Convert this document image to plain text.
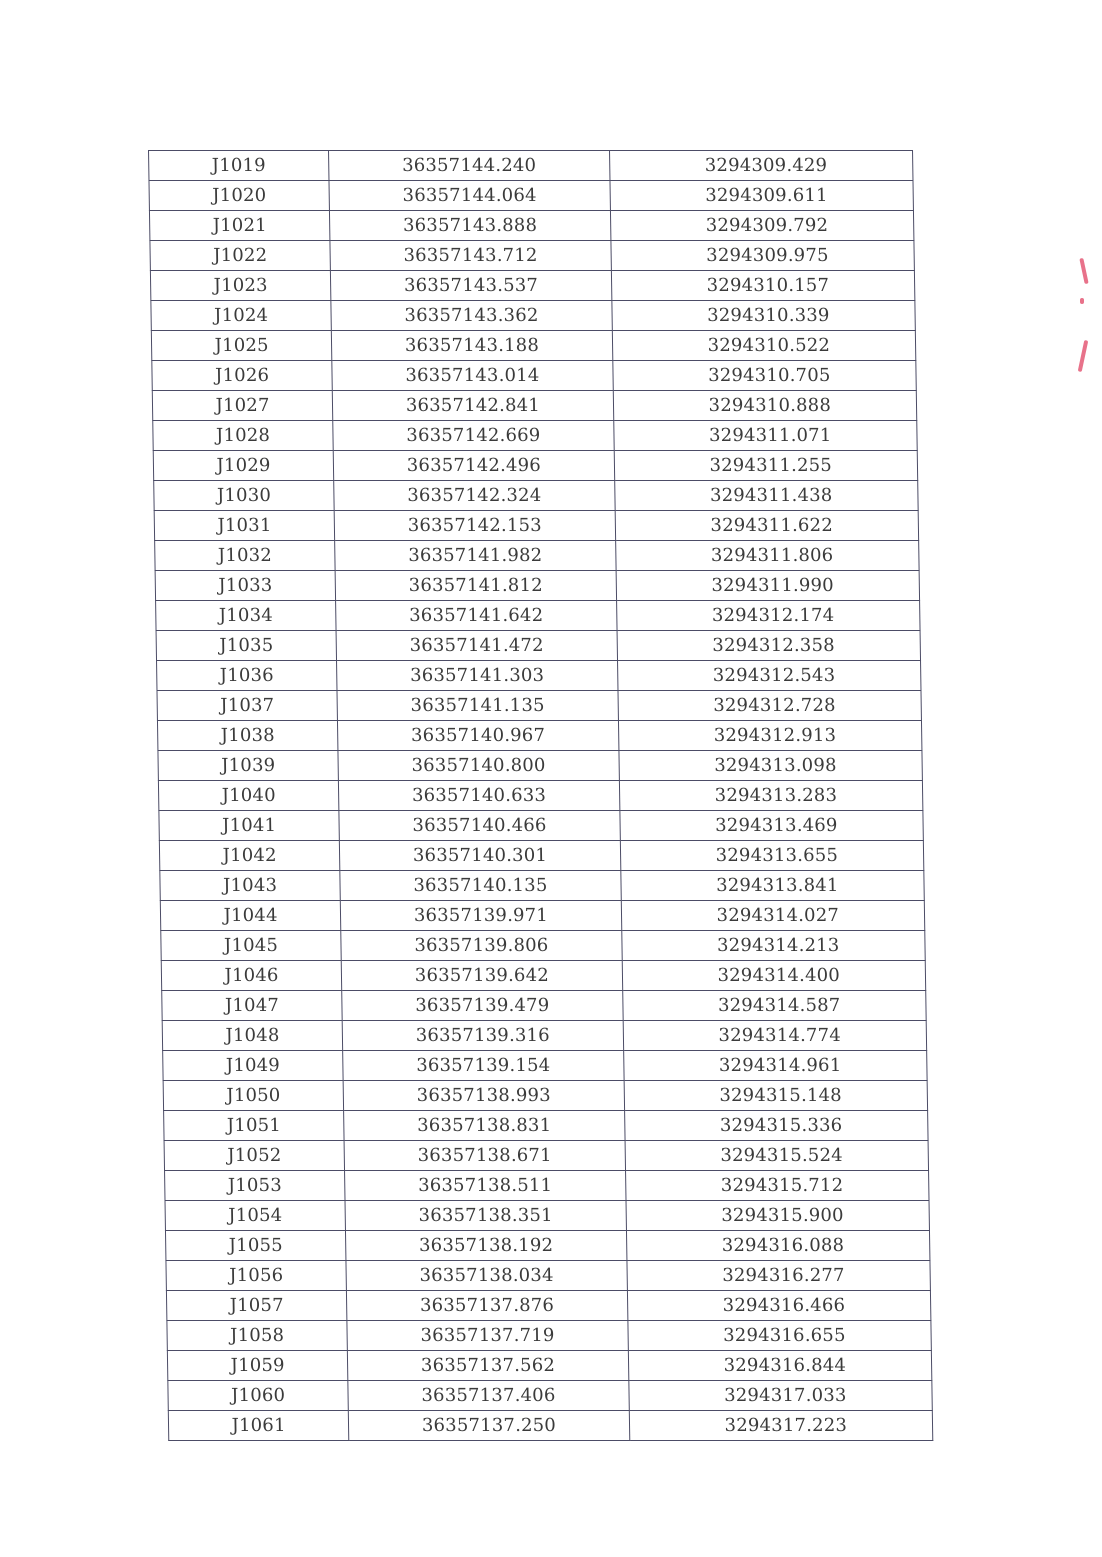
J1019	36357144.240	3294309.429
J1020	36357144.064	3294309.611
J1021	36357143.888	3294309.792
J1022	36357143.712	3294309.975
J1023	36357143.537	3294310.157
J1024	36357143.362	3294310.339
J1025	36357143.188	3294310.522
J1026	36357143.014	3294310.705
J1027	36357142.841	3294310.888
J1028	36357142.669	3294311.071
J1029	36357142.496	3294311.255
J1030	36357142.324	3294311.438
J1031	36357142.153	3294311.622
J1032	36357141.982	3294311.806
J1033	36357141.812	3294311.990
J1034	36357141.642	3294312.174
J1035	36357141.472	3294312.358
J1036	36357141.303	3294312.543
J1037	36357141.135	3294312.728
J1038	36357140.967	3294312.913
J1039	36357140.800	3294313.098
J1040	36357140.633	3294313.283
J1041	36357140.466	3294313.469
J1042	36357140.301	3294313.655
J1043	36357140.135	3294313.841
J1044	36357139.971	3294314.027
J1045	36357139.806	3294314.213
J1046	36357139.642	3294314.400
J1047	36357139.479	3294314.587
J1048	36357139.316	3294314.774
J1049	36357139.154	3294314.961
J1050	36357138.993	3294315.148
J1051	36357138.831	3294315.336
J1052	36357138.671	3294315.524
J1053	36357138.511	3294315.712
J1054	36357138.351	3294315.900
J1055	36357138.192	3294316.088
J1056	36357138.034	3294316.277
J1057	36357137.876	3294316.466
J1058	36357137.719	3294316.655
J1059	36357137.562	3294316.844
J1060	36357137.406	3294317.033
J1061	36357137.250	3294317.223
